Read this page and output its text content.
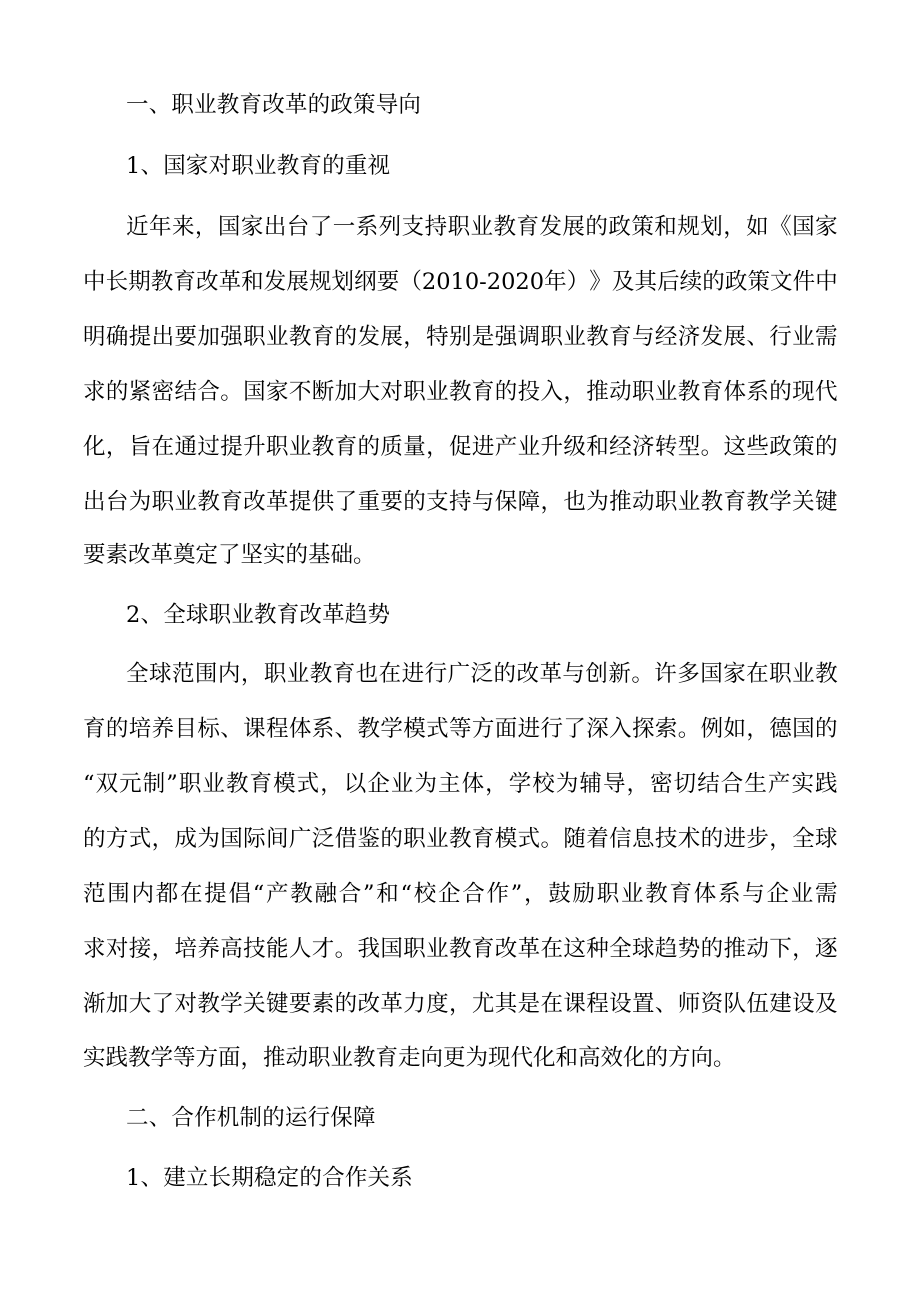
一、职业教育改革的政策导向
1、国家对职业教育的重视
近 年 来 ， 国 家 出 台 了 一 系 列 支 持 职 业 教 育 发 展 的 政 策 和 规 划 ， 如 《 国 家
中 长 期 教 育 改 革 和 发 展 规 划 纲 要 （ 2010-2020 年 ） 》 及 其 后 续 的 政 策 文 件 中
明 确 提 出 要 加 强 职 业 教 育 的 发 展 ， 特 别 是 强 调 职 业 教 育 与 经 济 发 展 、 行 业 需
求 的 紧 密 结 合 。 国 家 不 断 加 大 对 职 业 教 育 的 投 入 ， 推 动 职 业 教 育 体 系 的 现 代
化 ， 旨 在 通 过 提 升 职 业 教 育 的 质 量 ， 促 进 产 业 升 级 和 经 济 转 型 。 这 些 政 策 的
出 台 为 职 业 教 育 改 革 提 供 了 重 要 的 支 持 与 保 障 ， 也 为 推 动 职 业 教 育 教 学 关 键
要素改革奠定了坚实的基础。
2、全球职业教育改革趋势
全 球 范 围 内 ， 职 业 教 育 也 在 进 行 广 泛 的 改 革 与 创 新 。 许 多 国 家 在 职 业 教
育 的 培 养 目 标 、 课 程 体 系 、 教 学 模 式 等 方 面 进 行 了 深 入 探 索 。 例 如 ， 德 国 的
“ 双 元 制 ” 职 业 教 育 模 式 ， 以 企 业 为 主 体 ， 学 校 为 辅 导 ， 密 切 结 合 生 产 实 践
的 方 式 ， 成 为 国 际 间 广 泛 借 鉴 的 职 业 教 育 模 式 。 随 着 信 息 技 术 的 进 步 ， 全 球
范 围 内 都 在 提 倡 “ 产 教 融 合 ” 和 “ 校 企 合 作 ” ， 鼓 励 职 业 教 育 体 系 与 企 业 需
求 对 接 ， 培 养 高 技 能 人 才 。 我 国 职 业 教 育 改 革 在 这 种 全 球 趋 势 的 推 动 下 ， 逐
渐 加 大 了 对 教 学 关 键 要 素 的 改 革 力 度 ， 尤 其 是 在 课 程 设 置 、 师 资 队 伍 建 设 及
实践教学等方面，推动职业教育走向更为现代化和高效化的方向。
二、合作机制的运行保障
1、建立长期稳定的合作关系
